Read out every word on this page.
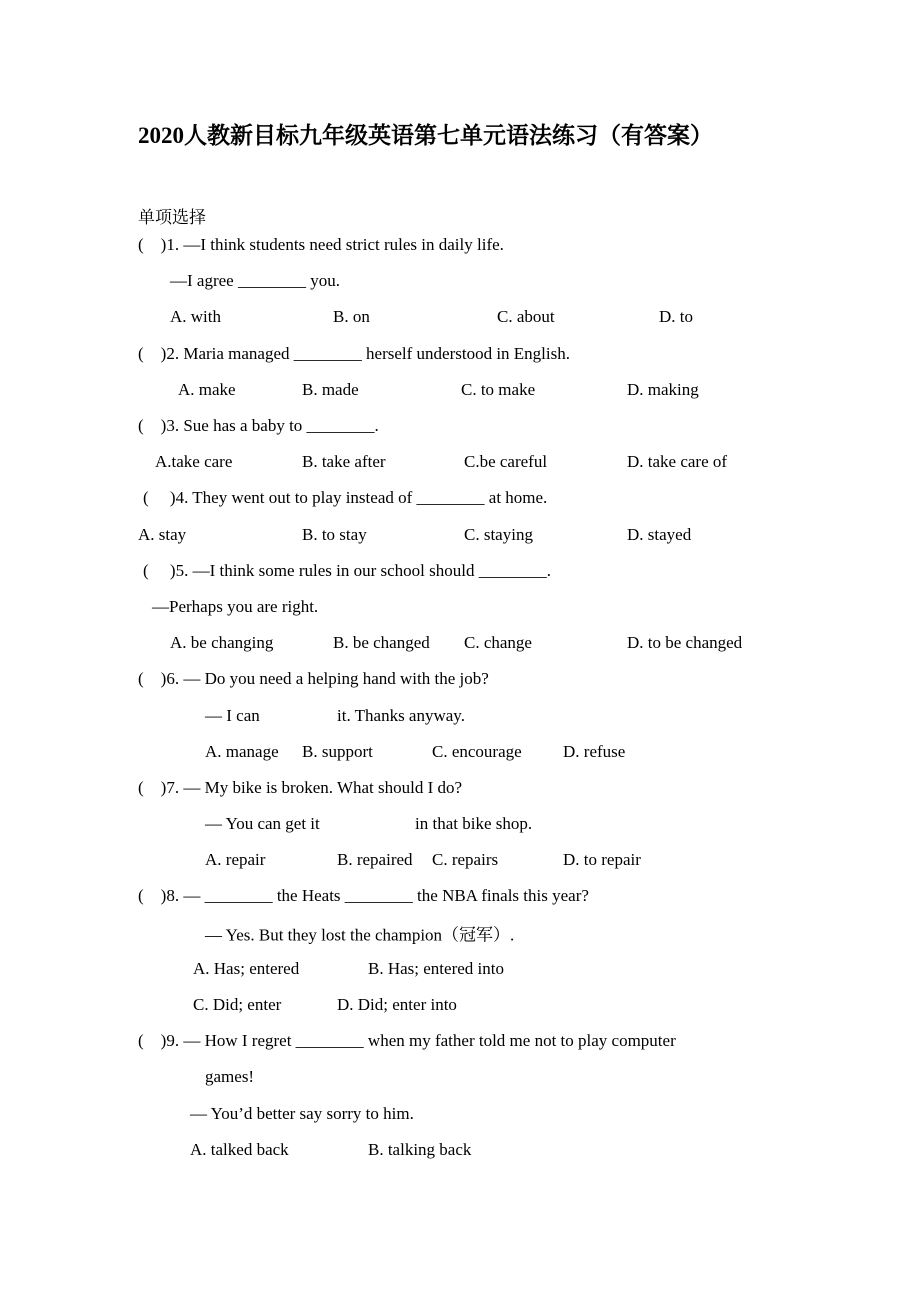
2020人教新目标九年级英语第七单元语法练习（有答案）
单项选择
(    )1. —I think students need strict rules in daily life.
—I agree ________ you.
A. with	B. on	C. about	D. to
(    )2. Maria managed ________ herself understood in English.
A. make	B. made	C. to make	D. making
(    )3. Sue has a baby to ________.
A.take care	B. take after	C.be careful	D. take care of
(     )4. They went out to play instead of ________ at home.
A. stay	B. to stay	C. staying	D. stayed
(     )5. —I think some rules in our school should ________.
—Perhaps you are right.
A. be changing	B. be changed C. change	D. to be changed
(    )6. — Do you need a helping hand with the job?
— I can	it. Thanks anyway.
A. manage B. support	C. encourage D. refuse
(    )7. — My bike is broken. What should I do?
— You can get it	in that bike shop.
A. repair	B. repaired C. repairs	D. to repair
(    )8. — ________ the Heats ________ the NBA finals this year?
— Yes. But they lost the champion（冠军）.
A. Has; entered	B. Has; entered into
C. Did; enter	D. Did; enter into
(    )9. — How I regret ________ when my father told me not to play computer
games!
— You’d better say sorry to him.
A. talked back	B. talking back
